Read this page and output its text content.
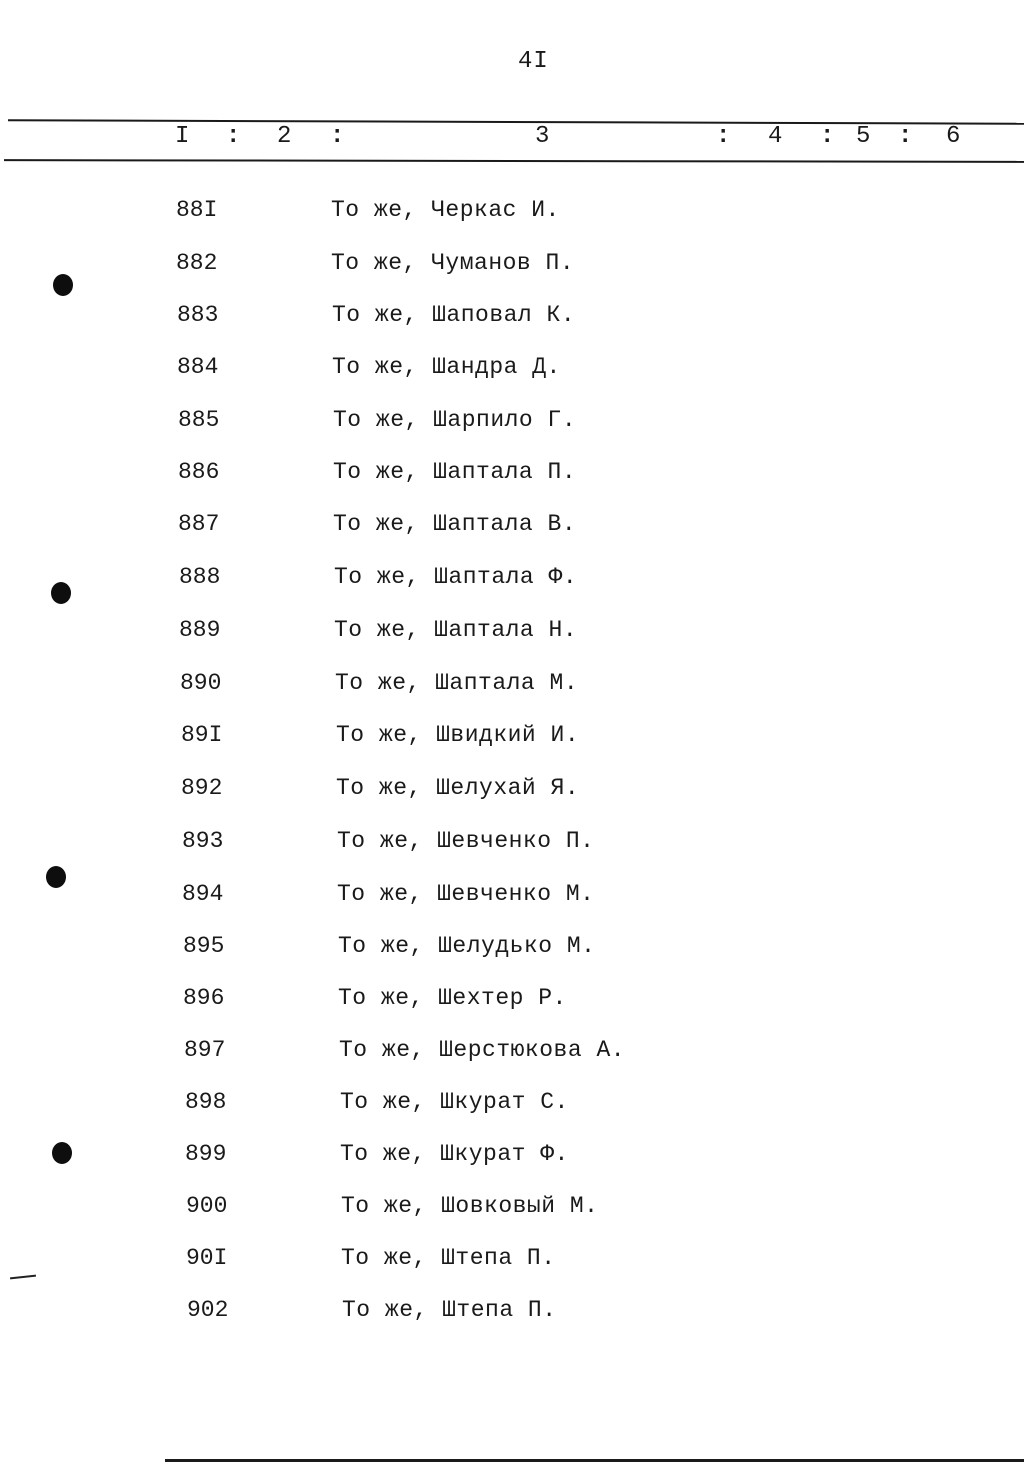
4I
I : 2 :	3	: 4 : 5 : 6
88I	То же, Черкас И.
882	То же, Чуманов П.
883	То же, Шаповал К.
884	То же, Шандра Д.
885	То же, Шарпило Г.
886	То же, Шаптала П.
887	То же, Шаптала В.
888	То же, Шаптала Ф.
889	То же, Шаптала Н.
890	То же, Шаптала М.
89I	То же, Швидкий И.
892	То же, Шелухай Я.
893	То же, Шевченко П.
894	То же, Шевченко М.
895	То же, Шелудько М.
896	То же, Шехтер Р.
897	То же, Шерстюкова А.
898	То же, Шкурат С.
899	То же, Шкурат Ф.
900	То же, Шовковый М.
90I	То же, Штепа П.
902	То же, Штепа П.
